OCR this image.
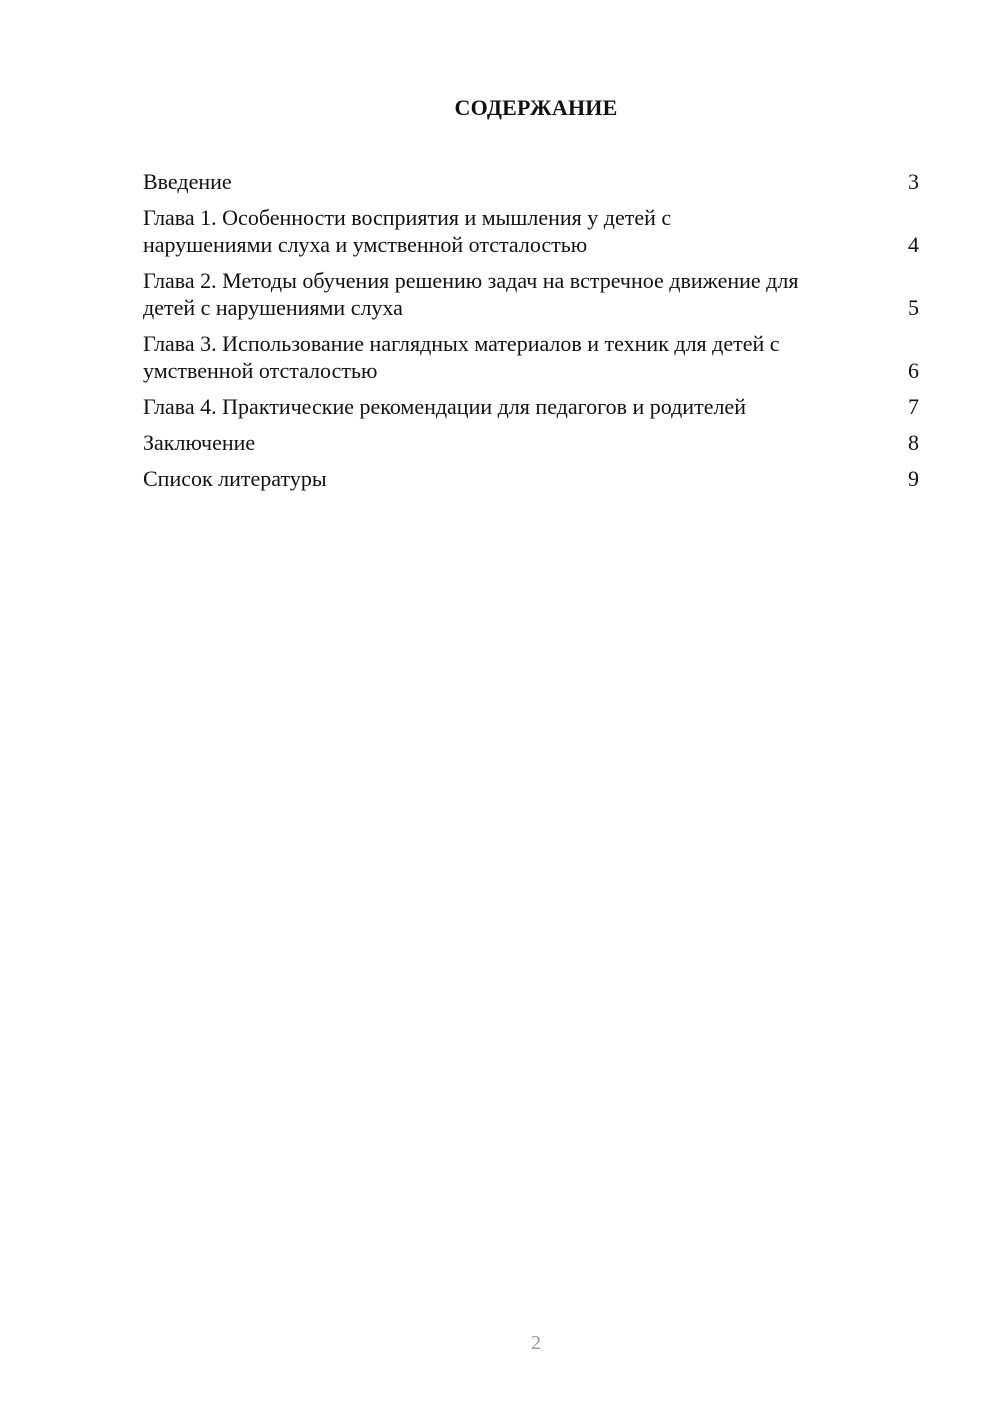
СОДЕРЖАНИЕ
Введение	3
Глава 1. Особенности восприятия и мышления у детей с нарушениями слуха и умственной отсталостью	4
Глава 2. Методы обучения решению задач на встречное движение для детей с нарушениями слуха	5
Глава 3. Использование наглядных материалов и техник для детей с умственной отсталостью	6
Глава 4. Практические рекомендации для педагогов и родителей	7
Заключение	8
Список литературы	9
2
